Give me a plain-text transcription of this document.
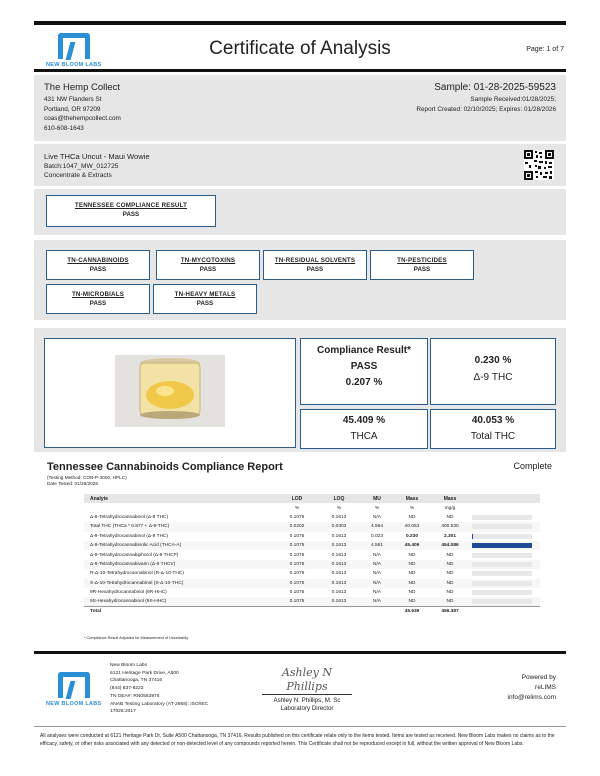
NEW BLOOM LABS
Certificate of Analysis	Page: 1 of 7
The Hemp Collect
431 NW Flanders St
Portland, OR 97209
coas@thehempcollect.com
610-608-1643
Sample: 01-28-2025-59523
Sample Received:01/28/2025;
Report Created: 02/10/2025; Expires: 01/28/2026
Live THCa Uncut - Maui Wowie
Batch:1047_MW_012725
Concentrate & Extracts
TENNESSEE COMPLIANCE RESULT
PASS
TN-CANNABINOIDS
PASS
TN-MYCOTOXINS
PASS
TN-RESIDUAL SOLVENTS
PASS
TN-PESTICIDES
PASS
TN-MICROBIALS
PASS
TN-HEAVY METALS
PASS
Compliance Result*
PASS
0.207 %
0.230 %
Δ-9 THC
45.409 %
THCA
40.053 %
Total THC
Tennessee Cannabinoids Compliance Report	Complete
(Testing Method: CON-P-3000, HPLC)
Date Tested: 01/28/2025
Analyte	LOD	LOQ	MU	Mass	Mass	
	%	%	%	%	mg/g	
Δ-8-Tetrahydrocannabinol (Δ-8 THC)	0.1075	0.1613	N/A	ND	ND	

Total THC (THCa * 0.877 + Δ-9-THC)	0.0202	0.0303	4.564	40.053	400.530	

Δ-9-Tetrahydrocannabinol (Δ-9 THC)	0.1075	0.1613	0.023	0.230	2.301	

Δ-9-Tetrahydrocannabinolic Acid (THCA-A)	0.1075	0.1613	4.561	45.409	454.086	

Δ-9-Tetrahydrocannabiphorol (Δ-9 THCP)	0.1075	0.1613	N/A	ND	ND	

Δ-9-Tetrahydrocannabivarin (Δ-9 THCV)	0.1075	0.1613	N/A	ND	ND	

R-Δ-10-Tetrahydrocannabinol (R-Δ-10-THC)	0.1075	0.1613	N/A	ND	ND	

S-Δ-10-Tetrahydrocannabinol (S-Δ-10-THC)	0.1075	0.1613	N/A	ND	ND	

9R-Hexahydrocannabinol (9R-HHC)	0.1075	0.1613	N/A	ND	ND	

9S-Hexahydrocannabinol (9S-HHC)	0.1075	0.1613	N/A	ND	ND	

Total				45.639	456.387	
* Compliance Result Adjusted for Measurement of Uncertainty
NEW BLOOM LABS
New Bloom Labs
6121 Heritage Park Drive, A500
Chattanooga, TN 37416
(844) 837-8223
TN DEA#: RN0563975
ANAB Testing Laboratory (AT-2868): ISO/IEC
17025:2017
Ashley N Phillips
Ashley N. Phillips, M. Sc
Laboratory Director
Powered by
reLIMS
info@relims.com
All analyses were conducted at 6121 Heritage Park Dr, Suite A500 Chattanooga, TN 37416. Results published on this certificate relate only to the items tested. Items are tested as received. New Bloom Labs makes no claims as to the efficacy, safety, or other risks associated with any detected or non-detected level of any compounds reported herein. This Certificate shall not be reproduced except in full, without the written approval of New Bloom Labs.
